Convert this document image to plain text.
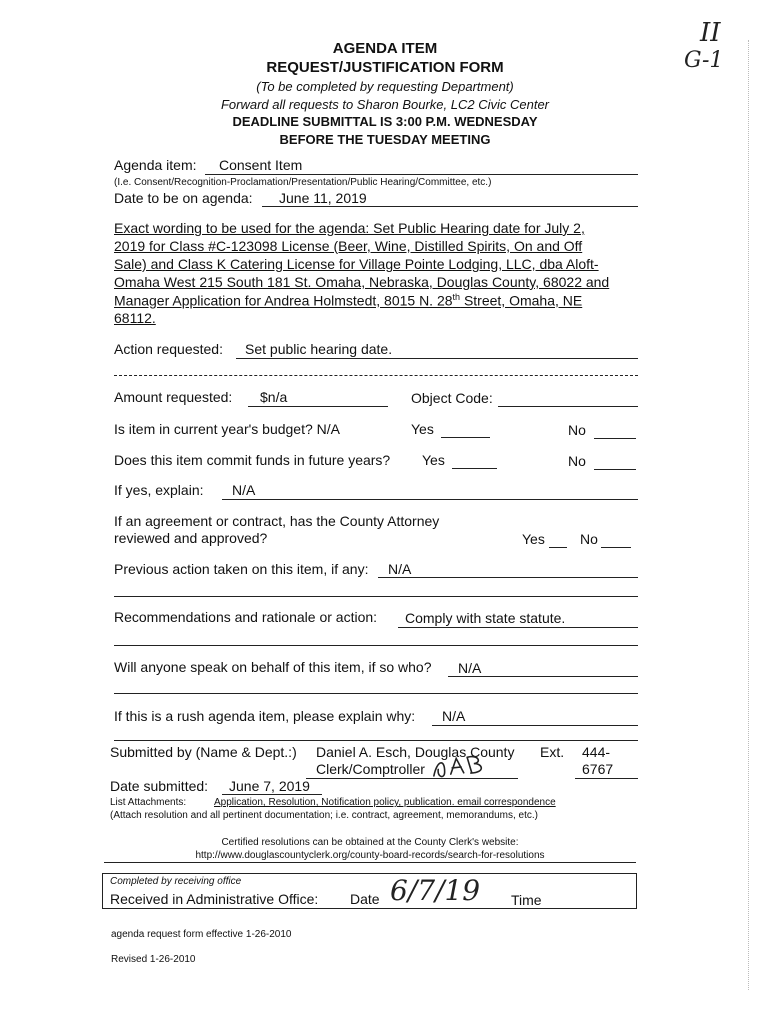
II
G-1
AGENDA ITEM
REQUEST/JUSTIFICATION FORM
(To be completed by requesting Department)
Forward all requests to Sharon Bourke, LC2 Civic Center
DEADLINE SUBMITTAL IS 3:00 P.M. WEDNESDAY
BEFORE THE TUESDAY MEETING
Agenda item: Consent Item
(I.e. Consent/Recognition-Proclamation/Presentation/Public Hearing/Committee, etc.)
Date to be on agenda: June 11, 2019
Exact wording to be used for the agenda: Set Public Hearing date for July 2,
2019 for Class #C-123098 License (Beer, Wine, Distilled Spirits, On and Off
Sale) and Class K Catering License for Village Pointe Lodging, LLC, dba Aloft-
Omaha West 215 South 181 St. Omaha, Nebraska, Douglas County, 68022 and
Manager Application for Andrea Holmstedt, 8015 N. 28th Street, Omaha, NE
68112.
Action requested: Set public hearing date.
Amount requested: $n/a	Object Code:
Is item in current year's budget? N/A	Yes	No
Does this item commit funds in future years? Yes	No
If yes, explain: N/A
If an agreement or contract, has the County Attorney
reviewed and approved?	Yes	No
Previous action taken on this item, if any: N/A
Recommendations and rationale or action: Comply with state statute.
Will anyone speak on behalf of this item, if so who? N/A
If this is a rush agenda item, please explain why: N/A
Submitted by (Name & Dept.:) Daniel A. Esch, Douglas County
Clerk/Comptroller
Ext. 444-
6767
Date submitted: June 7, 2019
List Attachments:	Application, Resolution, Notification policy, publication. email correspondence
(Attach resolution and all pertinent documentation; i.e. contract, agreement, memorandums, etc.)
Certified resolutions can be obtained at the County Clerk's website:
http://www.douglascountyclerk.org/county-board-records/search-for-resolutions
Completed by receiving office
Received in Administrative Office: Date 6/7/19 Time
agenda request form effective 1-26-2010
Revised 1-26-2010
